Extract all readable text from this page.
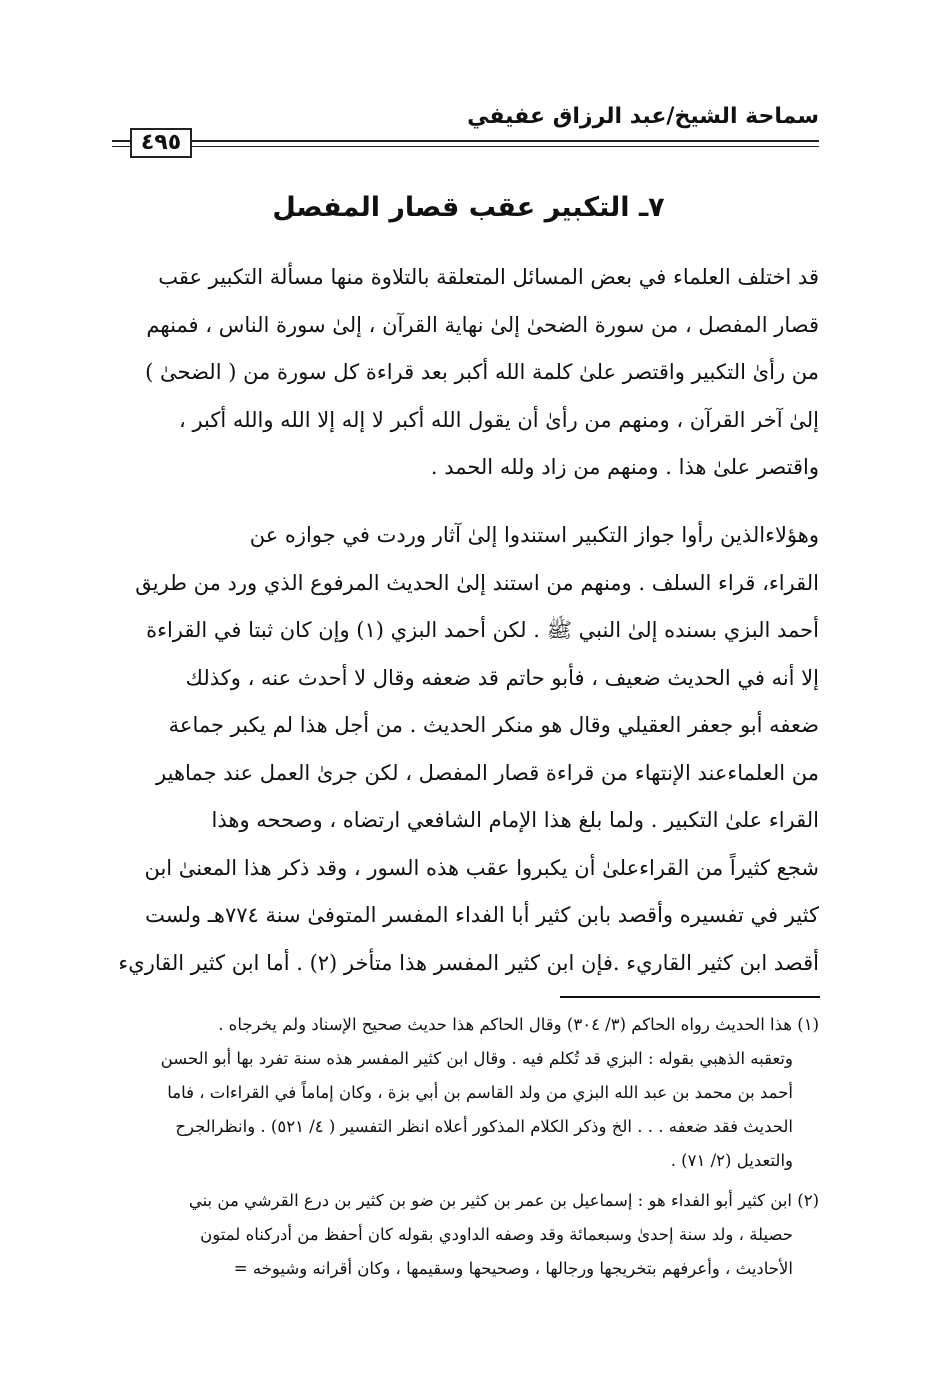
سماحة الشيخ/عبد الرزاق عفيفي
٤٩٥
٧ـ التكبير عقب قصار المفصل
قد اختلف العلماء في بعض المسائل المتعلقة بالتلاوة منها مسألة التكبير عقب
قصار المفصل ، من سورة الضحىٰ إلىٰ نهاية القرآن ، إلىٰ سورة الناس ، فمنهم
من رأىٰ التكبير واقتصر علىٰ كلمة الله أكبر بعد قراءة كل سورة من ( الضحىٰ )
إلىٰ آخر القرآن ، ومنهم من رأىٰ أن يقول الله أكبر لا إله إلا الله والله أكبر ،
واقتصر علىٰ هذا . ومنهم من زاد ولله الحمد .
وهؤلاءالذين رأوا جواز التكبير استندوا إلىٰ آثار وردت في جوازه عن
القراء، قراء السلف . ومنهم من استند إلىٰ الحديث المرفوع الذي ورد من طريق
أحمد البزي بسنده إلىٰ النبي ﷺ . لكن أحمد البزي (١) وإن كان ثبتا في القراءة
إلا أنه في الحديث ضعيف ، فأبو حاتم قد ضعفه وقال لا أحدث عنه ، وكذلك
ضعفه أبو جعفر العقيلي وقال هو منكر الحديث . من أجل هذا لم يكبر جماعة
من العلماءعند الإنتهاء من قراءة قصار المفصل ، لكن جرىٰ العمل عند جماهير
القراء علىٰ التكبير . ولما بلغ هذا الإمام الشافعي ارتضاه ، وصححه وهذا
شجع كثيراً من القراءعلىٰ أن يكبروا عقب هذه السور ، وقد ذكر هذا المعنىٰ ابن
كثير في تفسيره وأقصد بابن كثير أبا الفداء المفسر المتوفىٰ سنة ٧٧٤هـ ولست
أقصد ابن كثير القاريء .فإن ابن كثير المفسر هذا متأخر (٢) . أما ابن كثير القاريء
(١) هذا الحديث رواه الحاكم (٣/ ٣٠٤) وقال الحاكم هذا حديث صحيح الإسناد ولم يخرجاه .
وتعقبه الذهبي بقوله : البزي قد تُكلم فيه . وقال ابن كثير المفسر هذه سنة تفرد بها أبو الحسن
أحمد بن محمد بن عبد الله البزي من ولد القاسم بن أبي بزة ، وكان إماماً في القراءات ، فاما
الحديث فقد ضعفه . . . الخ وذكر الكلام المذكور أعلاه انظر التفسير ( ٤/ ٥٢١) . وانظرالجرح
والتعديل (٢/ ٧١) .
(٢) ابن كثير أبو الفداء هو : إسماعيل بن عمر بن كثير بن ضو بن كثير بن درع القرشي من بني
حصيلة ، ولد سنة إحدىٰ وسبعمائة وقد وصفه الداودي بقوله كان أحفظ من أدركناه لمتون
الأحاديث ، وأعرفهم بتخريجها ورجالها ، وصحيحها وسقيمها ، وكان أقرانه وشيوخه =
